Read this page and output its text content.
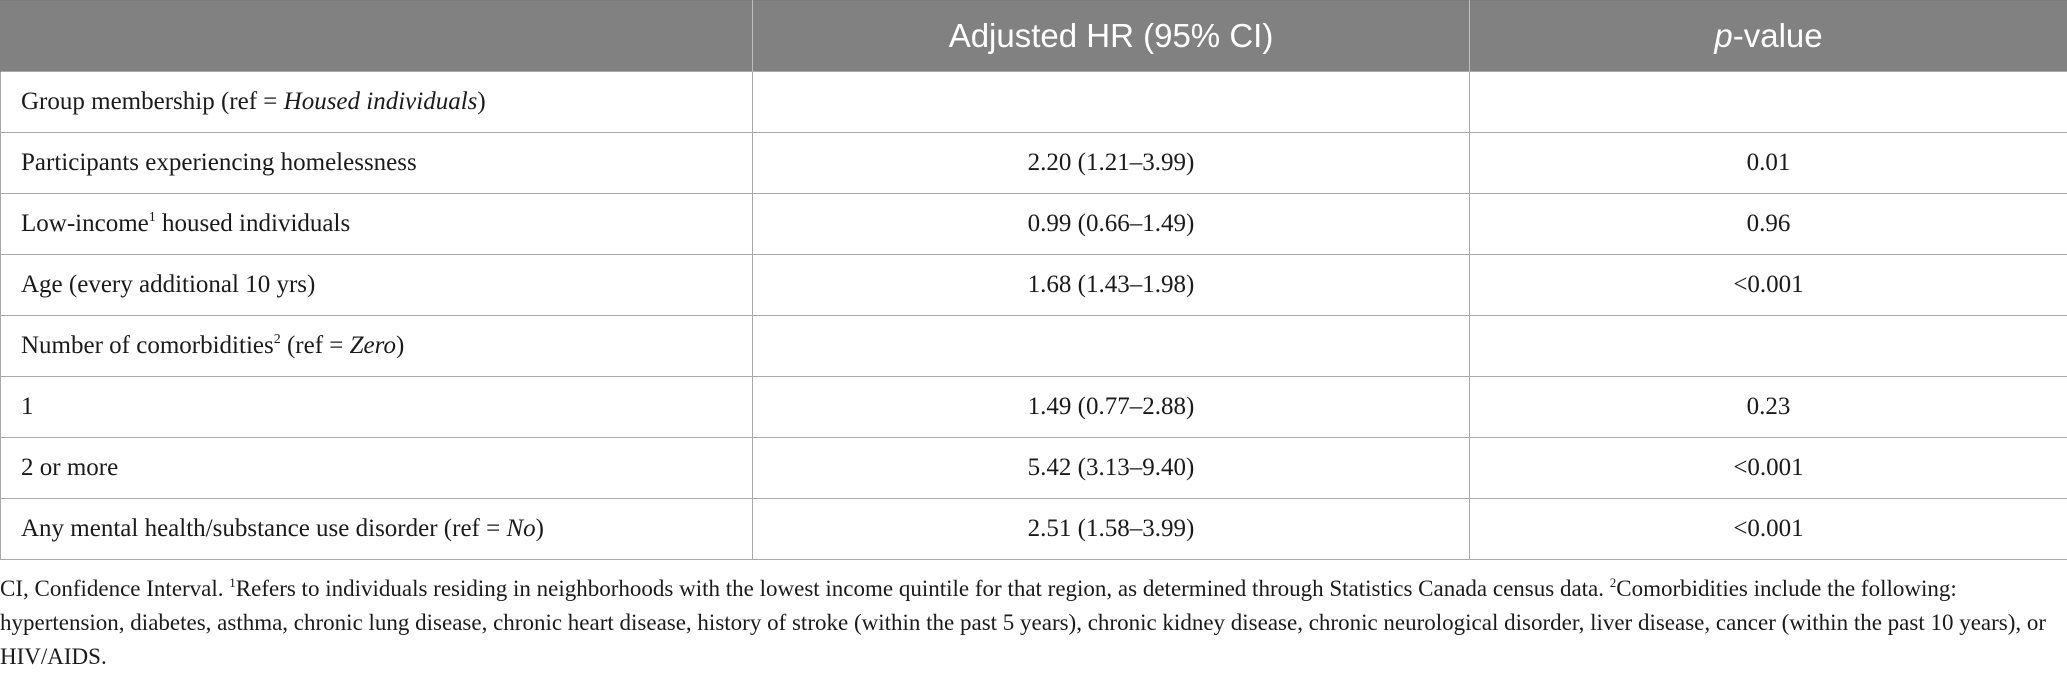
	Adjusted HR (95% CI)	p-value
Group membership (ref = Housed individuals)		
Participants experiencing homelessness	2.20 (1.21–3.99)	0.01
Low-income$^1$ housed individuals	0.99 (0.66–1.49)	0.96
Age (every additional 10 yrs)	1.68 (1.43–1.98)	<0.001
Number of comorbidities$^2$ (ref = Zero)		
1	1.49 (0.77–2.88)	0.23
2 or more	5.42 (3.13–9.40)	<0.001
Any mental health/substance use disorder (ref = No)	2.51 (1.58–3.99)	<0.001
CI, Confidence Interval. $^1$Refers to individuals residing in neighborhoods with the lowest income quintile for that region, as determined through Statistics Canada census data. $^2$Comorbidities include the following: hypertension, diabetes, asthma, chronic lung disease, chronic heart disease, history of stroke (within the past 5 years), chronic kidney disease, chronic neurological disorder, liver disease, cancer (within the past 10 years), or HIV/AIDS.
